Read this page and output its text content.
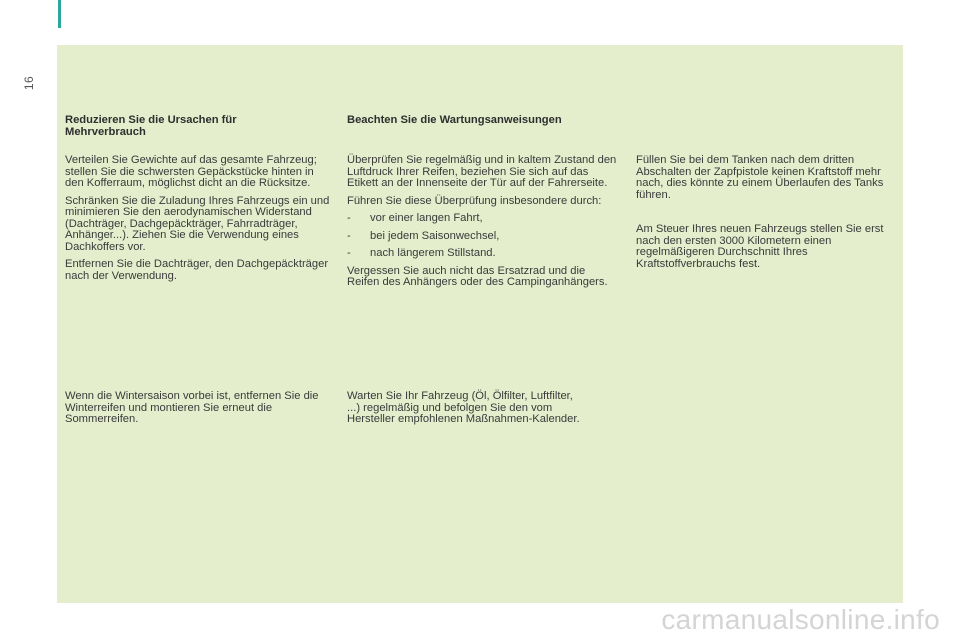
16
Reduzieren Sie die Ursachen für Mehrverbrauch

Verteilen Sie Gewichte auf das gesamte Fahrzeug; stellen Sie die schwersten Gepäckstücke hinten in den Kofferraum, möglichst dicht an die Rücksitze.

Schränken Sie die Zuladung Ihres Fahrzeugs ein und minimieren Sie den aerodynamischen Widerstand (Dachträger, Dachgepäckträger, Fahrradträger, Anhänger...). Ziehen Sie die Verwendung eines Dachkoffers vor.

Entfernen Sie die Dachträger, den Dachgepäckträger nach der Verwendung.

Wenn die Wintersaison vorbei ist, entfernen Sie die Winterreifen und montieren Sie erneut die Sommerreifen.

Beachten Sie die Wartungsanweisungen

Überprüfen Sie regelmäßig und in kaltem Zustand den Luftdruck Ihrer Reifen, beziehen Sie sich auf das Etikett an der Innenseite der Tür auf der Fahrerseite.

Führen Sie diese Überprüfung insbesondere durch:

- vor einer langen Fahrt,
- bei jedem Saisonwechsel,
- nach längerem Stillstand.

Vergessen Sie auch nicht das Ersatzrad und die Reifen des Anhängers oder des Campinganhängers.

Warten Sie Ihr Fahrzeug (Öl, Ölfilter, Luftfilter, ...) regelmäßig und befolgen Sie den vom Hersteller empfohlenen Maßnahmen-Kalender.

Füllen Sie bei dem Tanken nach dem dritten Abschalten der Zapfpistole keinen Kraftstoff mehr nach, dies könnte zu einem Überlaufen des Tanks führen.

Am Steuer Ihres neuen Fahrzeugs stellen Sie erst nach den ersten 3000 Kilometern einen regelmäßigeren Durchschnitt Ihres Kraftstoffverbrauchs fest.

carmanualsonline.info
